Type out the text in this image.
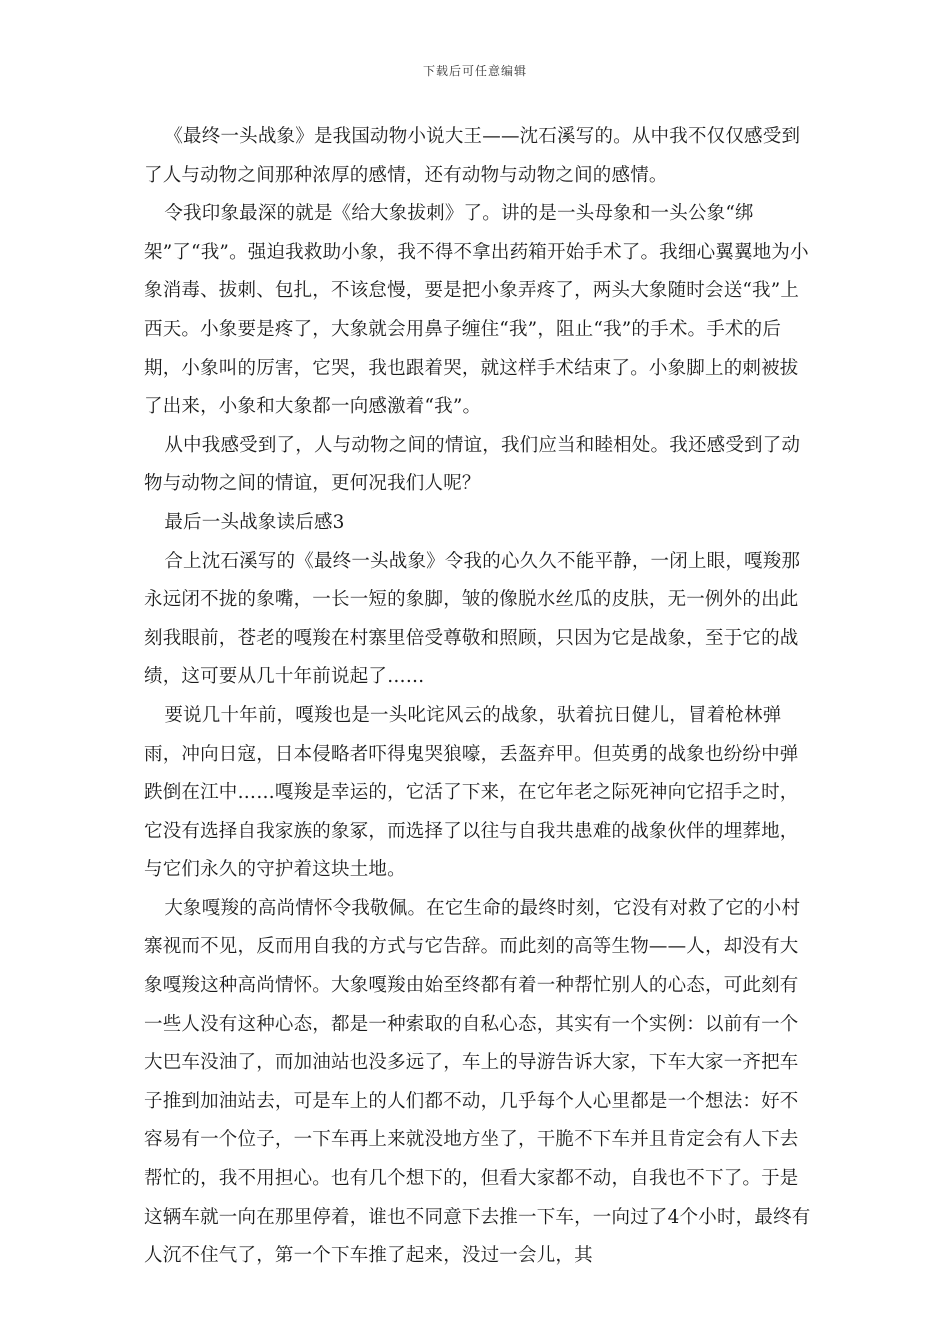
下载后可任意编辑

《最终一头战象》是我国动物小说大王——沈石溪写的。从中我不仅仅感受到了人与动物之间那种浓厚的感情，还有动物与动物之间的感情。

令我印象最深的就是《给大象拔刺》了。讲的是一头母象和一头公象“绑架”了“我”。强迫我救助小象，我不得不拿出药箱开始手术了。我细心翼翼地为小象消毒、拔刺、包扎，不该怠慢，要是把小象弄疼了，两头大象随时会送“我”上西天。小象要是疼了，大象就会用鼻子缠住“我”，阻止“我”的手术。手术的后期，小象叫的厉害，它哭，我也跟着哭，就这样手术结束了。小象脚上的刺被拔了出来，小象和大象都一向感激着“我”。

从中我感受到了，人与动物之间的情谊，我们应当和睦相处。我还感受到了动物与动物之间的情谊，更何况我们人呢？

最后一头战象读后感3

合上沈石溪写的《最终一头战象》令我的心久久不能平静，一闭上眼，嘎羧那永远闭不拢的象嘴，一长一短的象脚，皱的像脱水丝瓜的皮肤，无一例外的出此刻我眼前，苍老的嘎羧在村寨里倍受尊敬和照顾，只因为它是战象，至于它的战绩，这可要从几十年前说起了……

要说几十年前，嘎羧也是一头叱诧风云的战象，驮着抗日健儿，冒着枪林弹雨，冲向日寇，日本侵略者吓得鬼哭狼嚎，丢盔弃甲。但英勇的战象也纷纷中弹跌倒在江中……嘎羧是幸运的，它活了下来，在它年老之际死神向它招手之时，它没有选择自我家族的象冢，而选择了以往与自我共患难的战象伙伴的埋葬地，与它们永久的守护着这块土地。

大象嘎羧的高尚情怀令我敬佩。在它生命的最终时刻，它没有对救了它的小村寨视而不见，反而用自我的方式与它告辞。而此刻的高等生物——人，却没有大象嘎羧这种高尚情怀。大象嘎羧由始至终都有着一种帮忙别人的心态，可此刻有一些人没有这种心态，都是一种索取的自私心态，其实有一个实例：以前有一个大巴车没油了，而加油站也没多远了，车上的导游告诉大家，下车大家一齐把车子推到加油站去，可是车上的人们都不动，几乎每个人心里都是一个想法：好不容易有一个位子，一下车再上来就没地方坐了，干脆不下车并且肯定会有人下去帮忙的，我不用担心。也有几个想下的，但看大家都不动，自我也不下了。于是这辆车就一向在那里停着，谁也不同意下去推一下车，一向过了4个小时，最终有人沉不住气了，第一个下车推了起来，没过一会儿，其
